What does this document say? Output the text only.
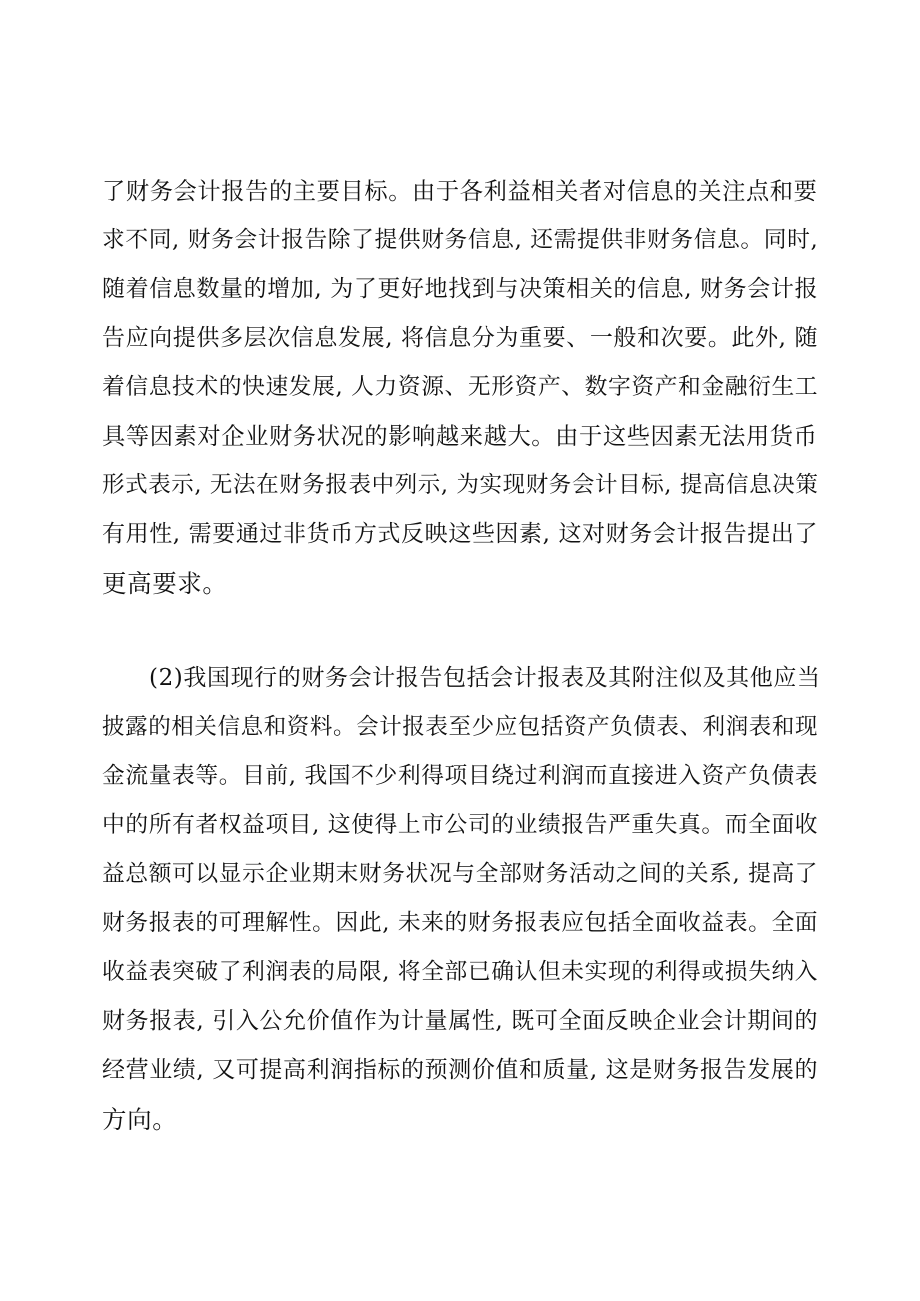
了财务会计报告的主要目标。由于各利益相关者对信息的关注点和要
求不同, 财务会计报告除了提供财务信息, 还需提供非财务信息。同时,
随着信息数量的增加, 为了更好地找到与决策相关的信息, 财务会计报
告应向提供多层次信息发展, 将信息分为重要、一般和次要。此外, 随
着信息技术的快速发展, 人力资源、无形资产、数字资产和金融衍生工
具等因素对企业财务状况的影响越来越大。由于这些因素无法用货币
形式表示, 无法在财务报表中列示, 为实现财务会计目标, 提高信息决策
有用性, 需要通过非货币方式反映这些因素, 这对财务会计报告提出了
更高要求。
(2)我国现行的财务会计报告包括会计报表及其附注似及其他应当
披露的相关信息和资料。会计报表至少应包括资产负债表、利润表和现
金流量表等。目前, 我国不少利得项目绕过利润而直接进入资产负债表
中的所有者权益项目, 这使得上市公司的业绩报告严重失真。而全面收
益总额可以显示企业期末财务状况与全部财务活动之间的关系, 提高了
财务报表的可理解性。因此, 未来的财务报表应包括全面收益表。全面
收益表突破了利润表的局限, 将全部已确认但未实现的利得或损失纳入
财务报表, 引入公允价值作为计量属性, 既可全面反映企业会计期间的
经营业绩, 又可提高利润指标的预测价值和质量, 这是财务报告发展的
方向。
